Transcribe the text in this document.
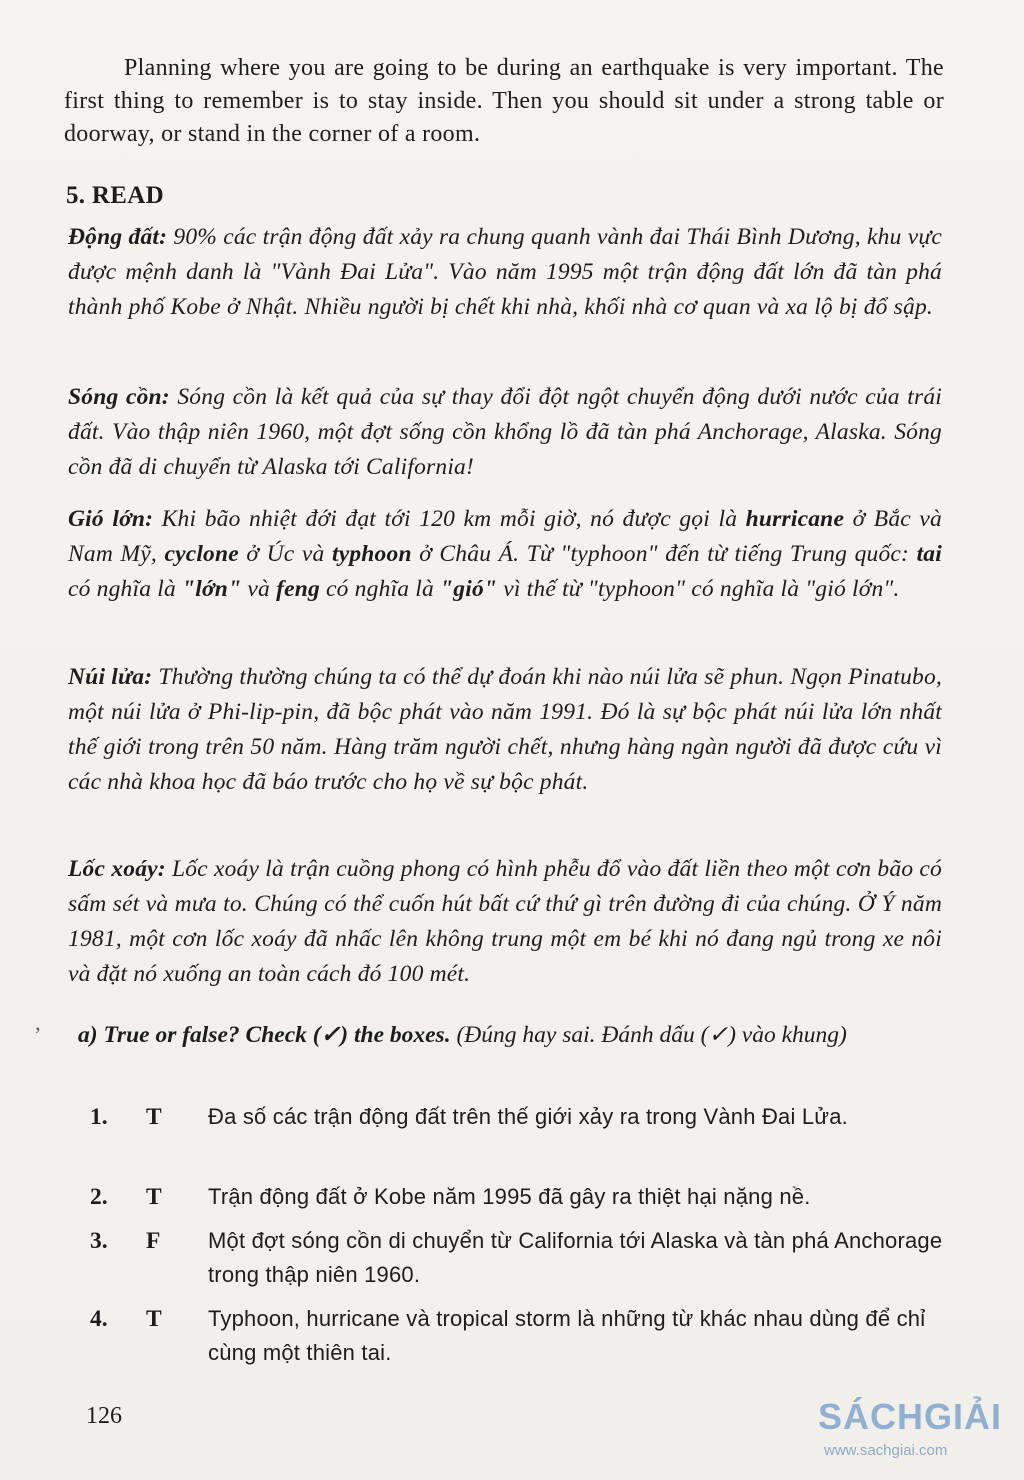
Planning where you are going to be during an earthquake is very important. The first thing to remember is to stay inside. Then you should sit under a strong table or doorway, or stand in the corner of a room.
5. READ
Động đất: 90% các trận động đất xảy ra chung quanh vành đai Thái Bình Dương, khu vực được mệnh danh là "Vành Đai Lửa". Vào năm 1995 một trận động đất lớn đã tàn phá thành phố Kobe ở Nhật. Nhiều người bị chết khi nhà, khối nhà cơ quan và xa lộ bị đổ sập.
Sóng cồn: Sóng cồn là kết quả của sự thay đổi đột ngột chuyển động dưới nước của trái đất. Vào thập niên 1960, một đợt sống cồn khổng lồ đã tàn phá Anchorage, Alaska. Sóng cồn đã di chuyển từ Alaska tới California!
Gió lớn: Khi bão nhiệt đới đạt tới 120 km mỗi giờ, nó được gọi là hurricane ở Bắc và Nam Mỹ, cyclone ở Úc và typhoon ở Châu Á. Từ "typhoon" đến từ tiếng Trung quốc: tai có nghĩa là "lớn" và feng có nghĩa là "gió" vì thế từ "typhoon" có nghĩa là "gió lớn".
Núi lửa: Thường thường chúng ta có thể dự đoán khi nào núi lửa sẽ phun. Ngọn Pinatubo, một núi lửa ở Phi-lip-pin, đã bộc phát vào năm 1991. Đó là sự bộc phát núi lửa lớn nhất thế giới trong trên 50 năm. Hàng trăm người chết, nhưng hàng ngàn người đã được cứu vì các nhà khoa học đã báo trước cho họ về sự bộc phát.
Lốc xoáy: Lốc xoáy là trận cuồng phong có hình phễu đổ vào đất liền theo một cơn bão có sấm sét và mưa to. Chúng có thể cuốn hút bất cứ thứ gì trên đường đi của chúng. Ở Ý năm 1981, một cơn lốc xoáy đã nhấc lên không trung một em bé khi nó đang ngủ trong xe nôi và đặt nó xuống an toàn cách đó 100 mét.
’ a) True or false? Check (✓) the boxes. (Đúng hay sai. Đánh dấu (✓) vào khung)
1. T Đa số các trận động đất trên thế giới xảy ra trong Vành Đai Lửa.
2. T Trận động đất ở Kobe năm 1995 đã gây ra thiệt hại nặng nề.
3. F Một đợt sóng cồn di chuyển từ California tới Alaska và tàn phá Anchorage trong thập niên 1960.
4. T Typhoon, hurricane và tropical storm là những từ khác nhau dùng để chỉ cùng một thiên tai.
126	SÁCHGIẢI
www.sachgiai.com
